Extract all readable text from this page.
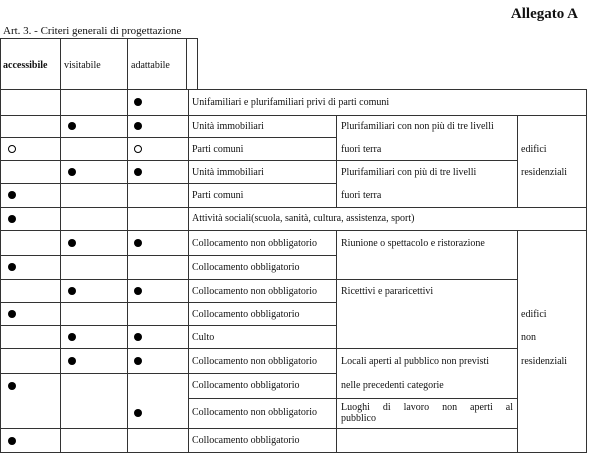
Allegato A
Art. 3. - Criteri generali di progettazione
accessibile visitabile	adattabile
Unifamiliari e plurifamiliari privi di parti comuni
Unità immobiliari
Parti comuni
Unità immobiliari
Parti comuni
Attività sociali(scuola, sanità, cultura, assistenza, sport)
Collocamento non obbligatorio
Collocamento obbligatorio
Collocamento non obbligatorio
Collocamento obbligatorio
Culto
Collocamento non obbligatorio
Collocamento obbligatorio
Collocamento non obbligatorio
Collocamento obbligatorio
Plurifamiliari con non più di tre livelli
fuori terra
Plurifamiliari con più di tre livelli
fuori terra
Riunione o spettacolo e ristorazione
Ricettivi e pararicettivi
Locali aperti al pubblico non previsti
nelle precedenti categorie
Luoghi di lavoro non aperti al
pubblico
edifici
residenziali
edifici
non
residenziali
